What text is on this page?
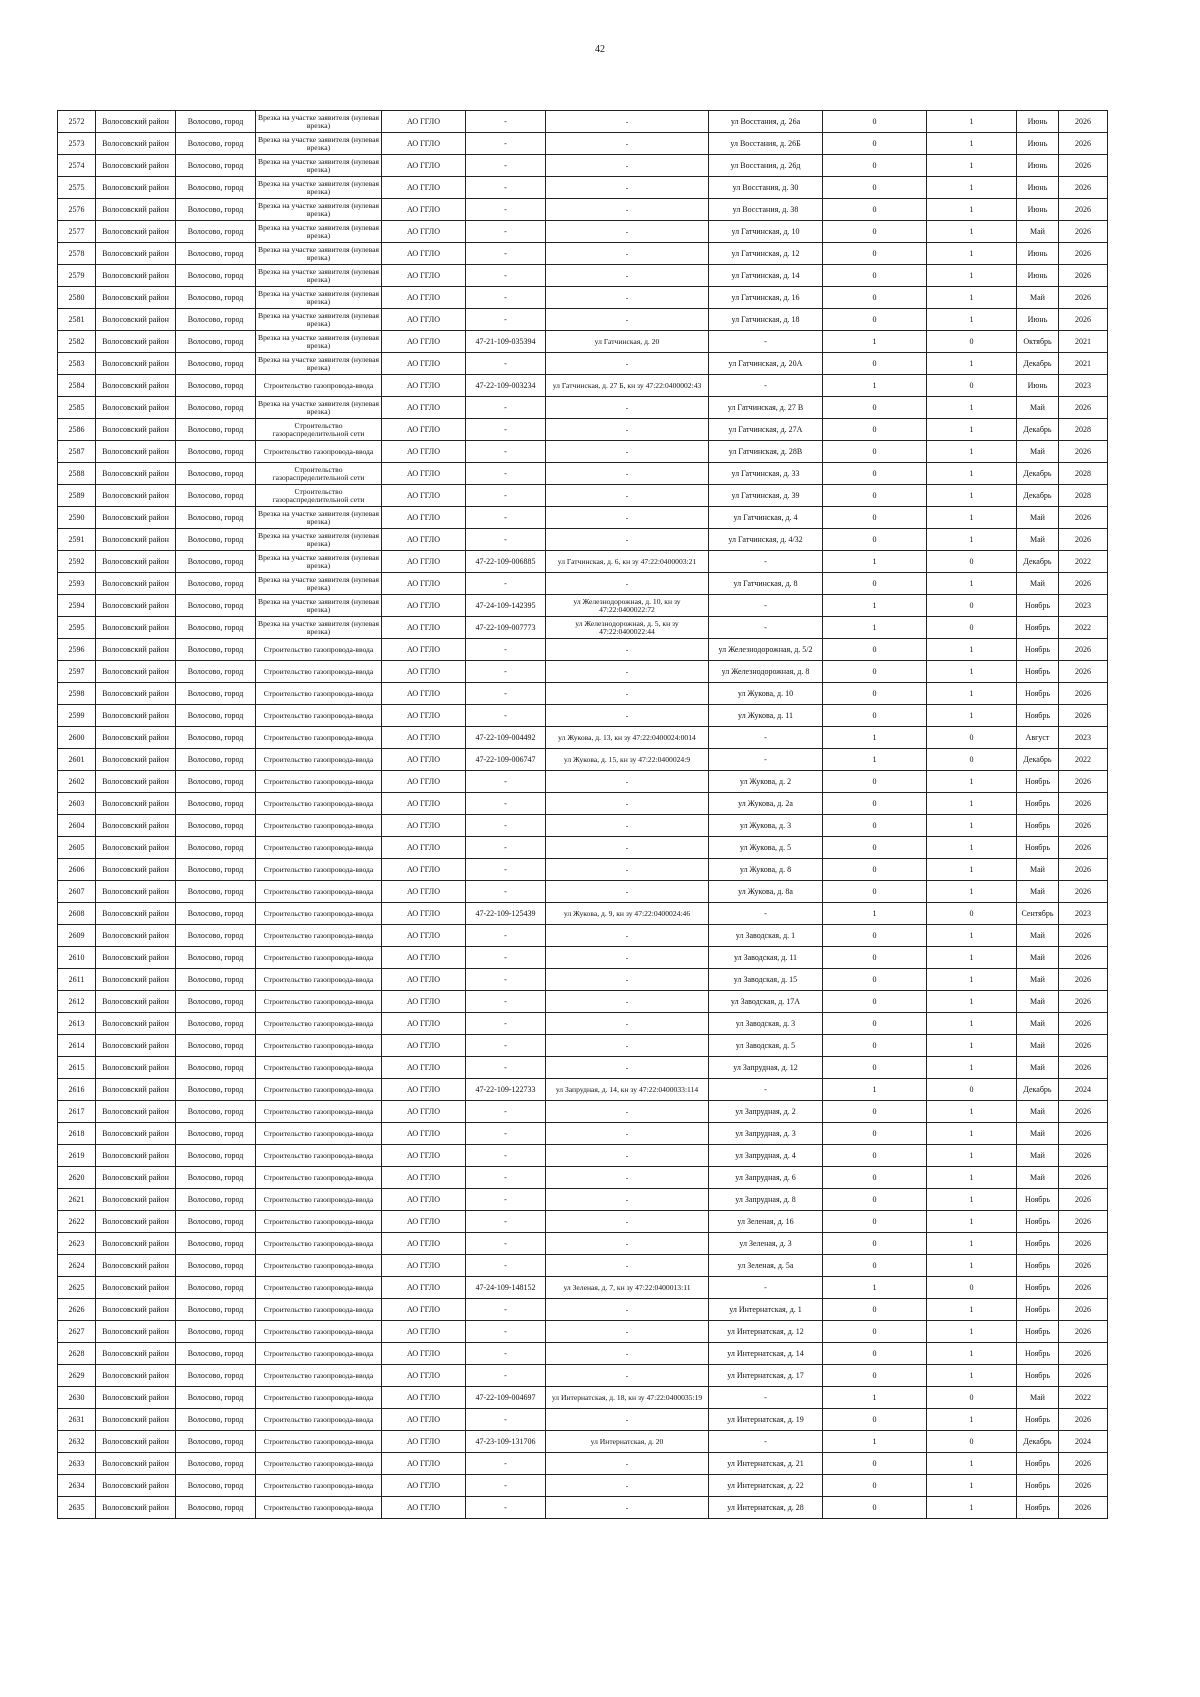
42
2572	Волосовский район	Волосово, город	Врезка на участке заявителя (нулевая врезка)	АО ГГЛО	-	-	ул Восстания, д. 26а	0	1	Июнь	2026
2573	Волосовский район	Волосово, город	Врезка на участке заявителя (нулевая врезка)	АО ГГЛО	-	-	ул Восстания, д. 26Б	0	1	Июнь	2026
2574	Волосовский район	Волосово, город	Врезка на участке заявителя (нулевая врезка)	АО ГГЛО	-	-	ул Восстания, д. 26д	0	1	Июнь	2026
2575	Волосовский район	Волосово, город	Врезка на участке заявителя (нулевая врезка)	АО ГГЛО	-	-	ул Восстания, д. 30	0	1	Июнь	2026
2576	Волосовский район	Волосово, город	Врезка на участке заявителя (нулевая врезка)	АО ГГЛО	-	-	ул Восстания, д. 38	0	1	Июнь	2026
2577	Волосовский район	Волосово, город	Врезка на участке заявителя (нулевая врезка)	АО ГГЛО	-	-	ул Гатчинская, д. 10	0	1	Май	2026
2578	Волосовский район	Волосово, город	Врезка на участке заявителя (нулевая врезка)	АО ГГЛО	-	-	ул Гатчинская, д. 12	0	1	Июнь	2026
2579	Волосовский район	Волосово, город	Врезка на участке заявителя (нулевая врезка)	АО ГГЛО	-	-	ул Гатчинская, д. 14	0	1	Июнь	2026
2580	Волосовский район	Волосово, город	Врезка на участке заявителя (нулевая врезка)	АО ГГЛО	-	-	ул Гатчинская, д. 16	0	1	Май	2026
2581	Волосовский район	Волосово, город	Врезка на участке заявителя (нулевая врезка)	АО ГГЛО	-	-	ул Гатчинская, д. 18	0	1	Июнь	2026
2582	Волосовский район	Волосово, город	Врезка на участке заявителя (нулевая врезка)	АО ГГЛО	47-21-109-035394	ул Гатчинская, д. 20	-	1	0	Октябрь	2021
2583	Волосовский район	Волосово, город	Врезка на участке заявителя (нулевая врезка)	АО ГГЛО	-	-	ул Гатчинская, д. 20А	0	1	Декабрь	2021
2584	Волосовский район	Волосово, город	Строительство газопровода-ввода	АО ГГЛО	47-22-109-003234	ул Гатчинская, д. 27 Б, кн зу 47:22:0400002:43	-	1	0	Июнь	2023
2585	Волосовский район	Волосово, город	Врезка на участке заявителя (нулевая врезка)	АО ГГЛО	-	-	ул Гатчинская, д. 27 В	0	1	Май	2026
2586	Волосовский район	Волосово, город	Строительство газораспределительной сети	АО ГГЛО	-	-	ул Гатчинская, д. 27А	0	1	Декабрь	2028
2587	Волосовский район	Волосово, город	Строительство газопровода-ввода	АО ГГЛО	-	-	ул Гатчинская, д. 28В	0	1	Май	2026
2588	Волосовский район	Волосово, город	Строительство газораспределительной сети	АО ГГЛО	-	-	ул Гатчинская, д. 33	0	1	Декабрь	2028
2589	Волосовский район	Волосово, город	Строительство газораспределительной сети	АО ГГЛО	-	-	ул Гатчинская, д. 39	0	1	Декабрь	2028
2590	Волосовский район	Волосово, город	Врезка на участке заявителя (нулевая врезка)	АО ГГЛО	-	-	ул Гатчинская, д. 4	0	1	Май	2026
2591	Волосовский район	Волосово, город	Врезка на участке заявителя (нулевая врезка)	АО ГГЛО	-	-	ул Гатчинская, д. 4/32	0	1	Май	2026
2592	Волосовский район	Волосово, город	Врезка на участке заявителя (нулевая врезка)	АО ГГЛО	47-22-109-006885	ул Гатчинская, д. 6, кн зу 47:22:0400003:21	-	1	0	Декабрь	2022
2593	Волосовский район	Волосово, город	Врезка на участке заявителя (нулевая врезка)	АО ГГЛО	-	-	ул Гатчинская, д. 8	0	1	Май	2026
2594	Волосовский район	Волосово, город	Врезка на участке заявителя (нулевая врезка)	АО ГГЛО	47-24-109-142395	ул Железнодорожная, д. 10, кн зу 47:22:0400022:72	-	1	0	Ноябрь	2023
2595	Волосовский район	Волосово, город	Врезка на участке заявителя (нулевая врезка)	АО ГГЛО	47-22-109-007773	ул Железнодорожная, д. 5, кн зу 47:22:0400022:44	-	1	0	Ноябрь	2022
2596	Волосовский район	Волосово, город	Строительство газопровода-ввода	АО ГГЛО	-	-	ул Железнодорожная, д. 5/2	0	1	Ноябрь	2026
2597	Волосовский район	Волосово, город	Строительство газопровода-ввода	АО ГГЛО	-	-	ул Железнодорожная, д. 8	0	1	Ноябрь	2026
2598	Волосовский район	Волосово, город	Строительство газопровода-ввода	АО ГГЛО	-	-	ул Жукова, д. 10	0	1	Ноябрь	2026
2599	Волосовский район	Волосово, город	Строительство газопровода-ввода	АО ГГЛО	-	-	ул Жукова, д. 11	0	1	Ноябрь	2026
2600	Волосовский район	Волосово, город	Строительство газопровода-ввода	АО ГГЛО	47-22-109-004492	ул Жукова, д. 13, кн зу 47:22:0400024:0014	-	1	0	Август	2023
2601	Волосовский район	Волосово, город	Строительство газопровода-ввода	АО ГГЛО	47-22-109-006747	ул Жукова, д. 15, кн зу 47:22:0400024:9	-	1	0	Декабрь	2022
2602	Волосовский район	Волосово, город	Строительство газопровода-ввода	АО ГГЛО	-	-	ул Жукова, д. 2	0	1	Ноябрь	2026
2603	Волосовский район	Волосово, город	Строительство газопровода-ввода	АО ГГЛО	-	-	ул Жукова, д. 2а	0	1	Ноябрь	2026
2604	Волосовский район	Волосово, город	Строительство газопровода-ввода	АО ГГЛО	-	-	ул Жукова, д. 3	0	1	Ноябрь	2026
2605	Волосовский район	Волосово, город	Строительство газопровода-ввода	АО ГГЛО	-	-	ул Жукова, д. 5	0	1	Ноябрь	2026
2606	Волосовский район	Волосово, город	Строительство газопровода-ввода	АО ГГЛО	-	-	ул Жукова, д. 8	0	1	Май	2026
2607	Волосовский район	Волосово, город	Строительство газопровода-ввода	АО ГГЛО	-	-	ул Жукова, д. 8а	0	1	Май	2026
2608	Волосовский район	Волосово, город	Строительство газопровода-ввода	АО ГГЛО	47-22-109-125439	ул Жукова, д. 9, кн зу 47:22:0400024:46	-	1	0	Сентябрь	2023
2609	Волосовский район	Волосово, город	Строительство газопровода-ввода	АО ГГЛО	-	-	ул Заводская, д. 1	0	1	Май	2026
2610	Волосовский район	Волосово, город	Строительство газопровода-ввода	АО ГГЛО	-	-	ул Заводская, д. 11	0	1	Май	2026
2611	Волосовский район	Волосово, город	Строительство газопровода-ввода	АО ГГЛО	-	-	ул Заводская, д. 15	0	1	Май	2026
2612	Волосовский район	Волосово, город	Строительство газопровода-ввода	АО ГГЛО	-	-	ул Заводская, д. 17А	0	1	Май	2026
2613	Волосовский район	Волосово, город	Строительство газопровода-ввода	АО ГГЛО	-	-	ул Заводская, д. 3	0	1	Май	2026
2614	Волосовский район	Волосово, город	Строительство газопровода-ввода	АО ГГЛО	-	-	ул Заводская, д. 5	0	1	Май	2026
2615	Волосовский район	Волосово, город	Строительство газопровода-ввода	АО ГГЛО	-	-	ул Запрудная, д. 12	0	1	Май	2026
2616	Волосовский район	Волосово, город	Строительство газопровода-ввода	АО ГГЛО	47-22-109-122733	ул Запрудная, д. 14, кн зу 47:22:0400033:114	-	1	0	Декабрь	2024
2617	Волосовский район	Волосово, город	Строительство газопровода-ввода	АО ГГЛО	-	-	ул Запрудная, д. 2	0	1	Май	2026
2618	Волосовский район	Волосово, город	Строительство газопровода-ввода	АО ГГЛО	-	-	ул Запрудная, д. 3	0	1	Май	2026
2619	Волосовский район	Волосово, город	Строительство газопровода-ввода	АО ГГЛО	-	-	ул Запрудная, д. 4	0	1	Май	2026
2620	Волосовский район	Волосово, город	Строительство газопровода-ввода	АО ГГЛО	-	-	ул Запрудная, д. 6	0	1	Май	2026
2621	Волосовский район	Волосово, город	Строительство газопровода-ввода	АО ГГЛО	-	-	ул Запрудная, д. 8	0	1	Ноябрь	2026
2622	Волосовский район	Волосово, город	Строительство газопровода-ввода	АО ГГЛО	-	-	ул Зеленая, д. 16	0	1	Ноябрь	2026
2623	Волосовский район	Волосово, город	Строительство газопровода-ввода	АО ГГЛО	-	-	ул Зеленая, д. 3	0	1	Ноябрь	2026
2624	Волосовский район	Волосово, город	Строительство газопровода-ввода	АО ГГЛО	-	-	ул Зеленая, д. 5а	0	1	Ноябрь	2026
2625	Волосовский район	Волосово, город	Строительство газопровода-ввода	АО ГГЛО	47-24-109-148152	ул Зеленая, д. 7, кн зу 47:22:0400013:11	-	1	0	Ноябрь	2026
2626	Волосовский район	Волосово, город	Строительство газопровода-ввода	АО ГГЛО	-	-	ул Интернатская, д. 1	0	1	Ноябрь	2026
2627	Волосовский район	Волосово, город	Строительство газопровода-ввода	АО ГГЛО	-	-	ул Интернатская, д. 12	0	1	Ноябрь	2026
2628	Волосовский район	Волосово, город	Строительство газопровода-ввода	АО ГГЛО	-	-	ул Интернатская, д. 14	0	1	Ноябрь	2026
2629	Волосовский район	Волосово, город	Строительство газопровода-ввода	АО ГГЛО	-	-	ул Интернатская, д. 17	0	1	Ноябрь	2026
2630	Волосовский район	Волосово, город	Строительство газопровода-ввода	АО ГГЛО	47-22-109-004697	ул Интернатская, д. 18, кн зу 47:22:0400035:19	-	1	0	Май	2022
2631	Волосовский район	Волосово, город	Строительство газопровода-ввода	АО ГГЛО	-	-	ул Интернатская, д. 19	0	1	Ноябрь	2026
2632	Волосовский район	Волосово, город	Строительство газопровода-ввода	АО ГГЛО	47-23-109-131706	ул Интернатская, д. 20	-	1	0	Декабрь	2024
2633	Волосовский район	Волосово, город	Строительство газопровода-ввода	АО ГГЛО	-	-	ул Интернатская, д. 21	0	1	Ноябрь	2026
2634	Волосовский район	Волосово, город	Строительство газопровода-ввода	АО ГГЛО	-	-	ул Интернатская, д. 22	0	1	Ноябрь	2026
2635	Волосовский район	Волосово, город	Строительство газопровода-ввода	АО ГГЛО	-	-	ул Интернатская, д. 28	0	1	Ноябрь	2026
